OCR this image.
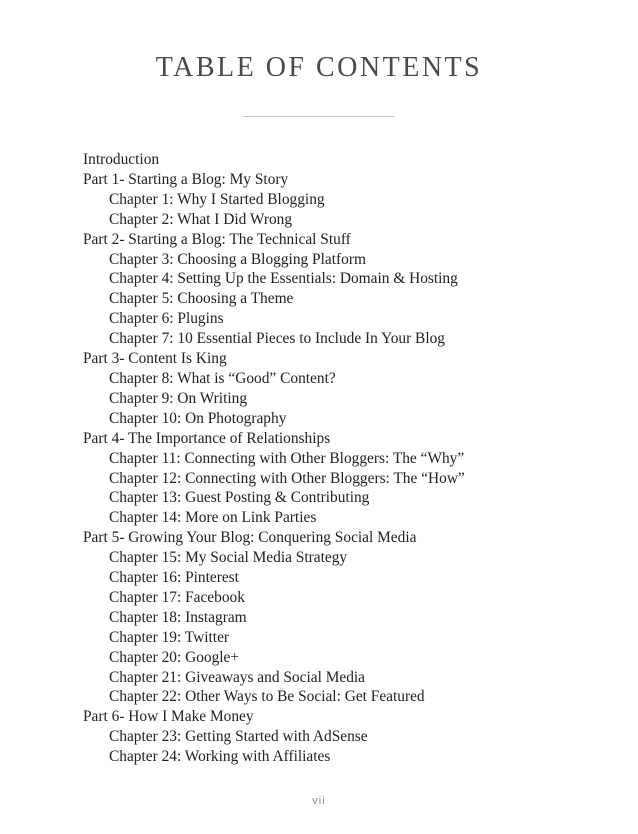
TABLE OF CONTENTS
Introduction
Part 1- Starting a Blog: My Story
Chapter 1: Why I Started Blogging
Chapter 2: What I Did Wrong
Part 2- Starting a Blog: The Technical Stuff
Chapter 3: Choosing a Blogging Platform
Chapter 4: Setting Up the Essentials: Domain & Hosting
Chapter 5: Choosing a Theme
Chapter 6: Plugins
Chapter 7: 10 Essential Pieces to Include In Your Blog
Part 3- Content Is King
Chapter 8: What is “Good” Content?
Chapter 9: On Writing
Chapter 10: On Photography
Part 4- The Importance of Relationships
Chapter 11: Connecting with Other Bloggers: The “Why”
Chapter 12: Connecting with Other Bloggers: The “How”
Chapter 13: Guest Posting & Contributing
Chapter 14: More on Link Parties
Part 5- Growing Your Blog: Conquering Social Media
Chapter 15: My Social Media Strategy
Chapter 16: Pinterest
Chapter 17: Facebook
Chapter 18: Instagram
Chapter 19: Twitter
Chapter 20: Google+
Chapter 21: Giveaways and Social Media
Chapter 22: Other Ways to Be Social: Get Featured
Part 6- How I Make Money
Chapter 23: Getting Started with AdSense
Chapter 24: Working with Affiliates
vii
